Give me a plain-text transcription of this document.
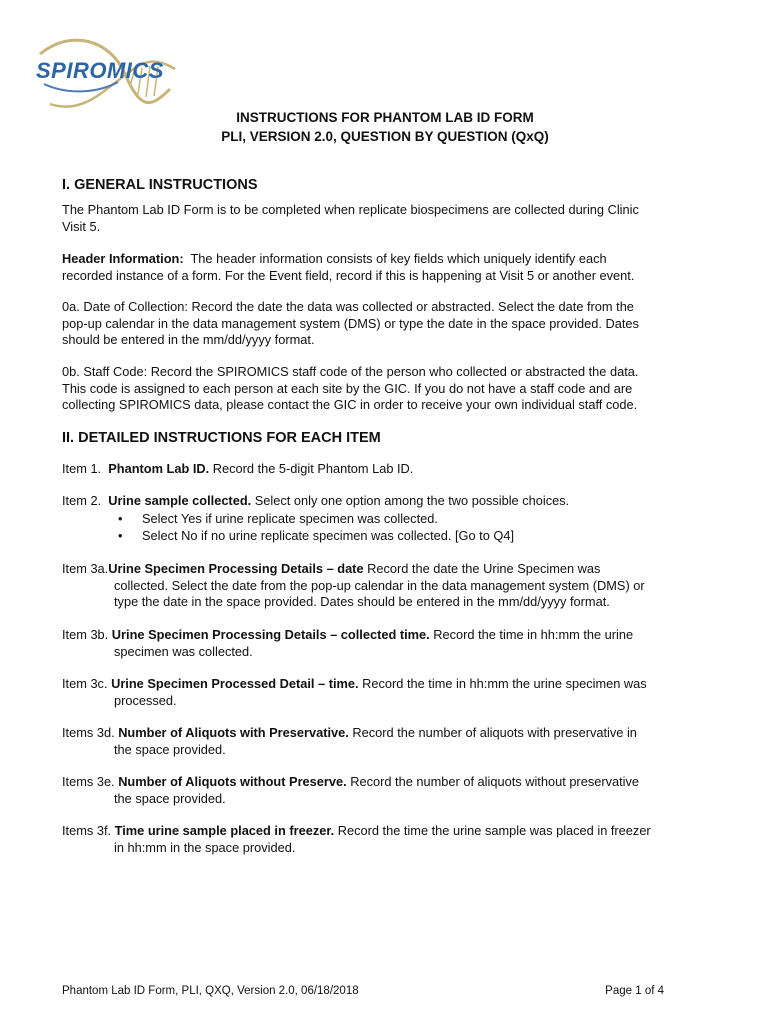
SPIROMICS
INSTRUCTIONS FOR PHANTOM LAB ID FORM
PLI, VERSION 2.0, QUESTION BY QUESTION (QxQ)
I. GENERAL INSTRUCTIONS
The Phantom Lab ID Form is to be completed when replicate biospecimens are collected during Clinic
Visit 5.
Header Information:  The header information consists of key fields which uniquely identify each
recorded instance of a form. For the Event field, record if this is happening at Visit 5 or another event.
0a. Date of Collection: Record the date the data was collected or abstracted. Select the date from the
pop-up calendar in the data management system (DMS) or type the date in the space provided. Dates
should be entered in the mm/dd/yyyy format.
0b. Staff Code: Record the SPIROMICS staff code of the person who collected or abstracted the data.
This code is assigned to each person at each site by the GIC. If you do not have a staff code and are
collecting SPIROMICS data, please contact the GIC in order to receive your own individual staff code.
II. DETAILED INSTRUCTIONS FOR EACH ITEM
Item 1.  Phantom Lab ID. Record the 5-digit Phantom Lab ID.
Item 2.  Urine sample collected. Select only one option among the two possible choices.
• Select Yes if urine replicate specimen was collected.
• Select No if no urine replicate specimen was collected. [Go to Q4]
Item 3a.Urine Specimen Processing Details – date Record the date the Urine Specimen was
collected. Select the date from the pop-up calendar in the data management system (DMS) or
type the date in the space provided. Dates should be entered in the mm/dd/yyyy format.
Item 3b. Urine Specimen Processing Details – collected time. Record the time in hh:mm the urine
specimen was collected.
Item 3c. Urine Specimen Processed Detail – time. Record the time in hh:mm the urine specimen was
processed.
Items 3d. Number of Aliquots with Preservative. Record the number of aliquots with preservative in
the space provided.
Items 3e. Number of Aliquots without Preserve. Record the number of aliquots without preservative
the space provided.
Items 3f. Time urine sample placed in freezer. Record the time the urine sample was placed in freezer
in hh:mm in the space provided.
Phantom Lab ID Form, PLI, QXQ, Version 2.0, 06/18/2018	Page 1 of 4
